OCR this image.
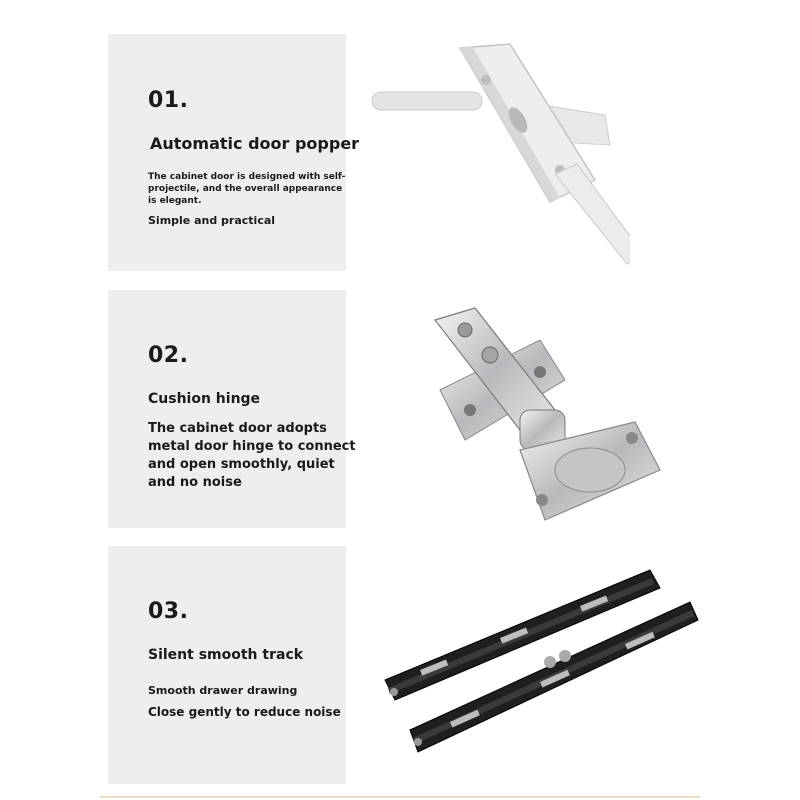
01.
Automatic door popper
The cabinet door is designed with self-projectile, and the overall appearance is elegant.
Simple and practical
02.
Cushion hinge
The cabinet door adopts metal door hinge to connect and open smoothly, quiet and no noise
03.
Silent smooth track
Smooth drawer drawing
Close gently to reduce noise
